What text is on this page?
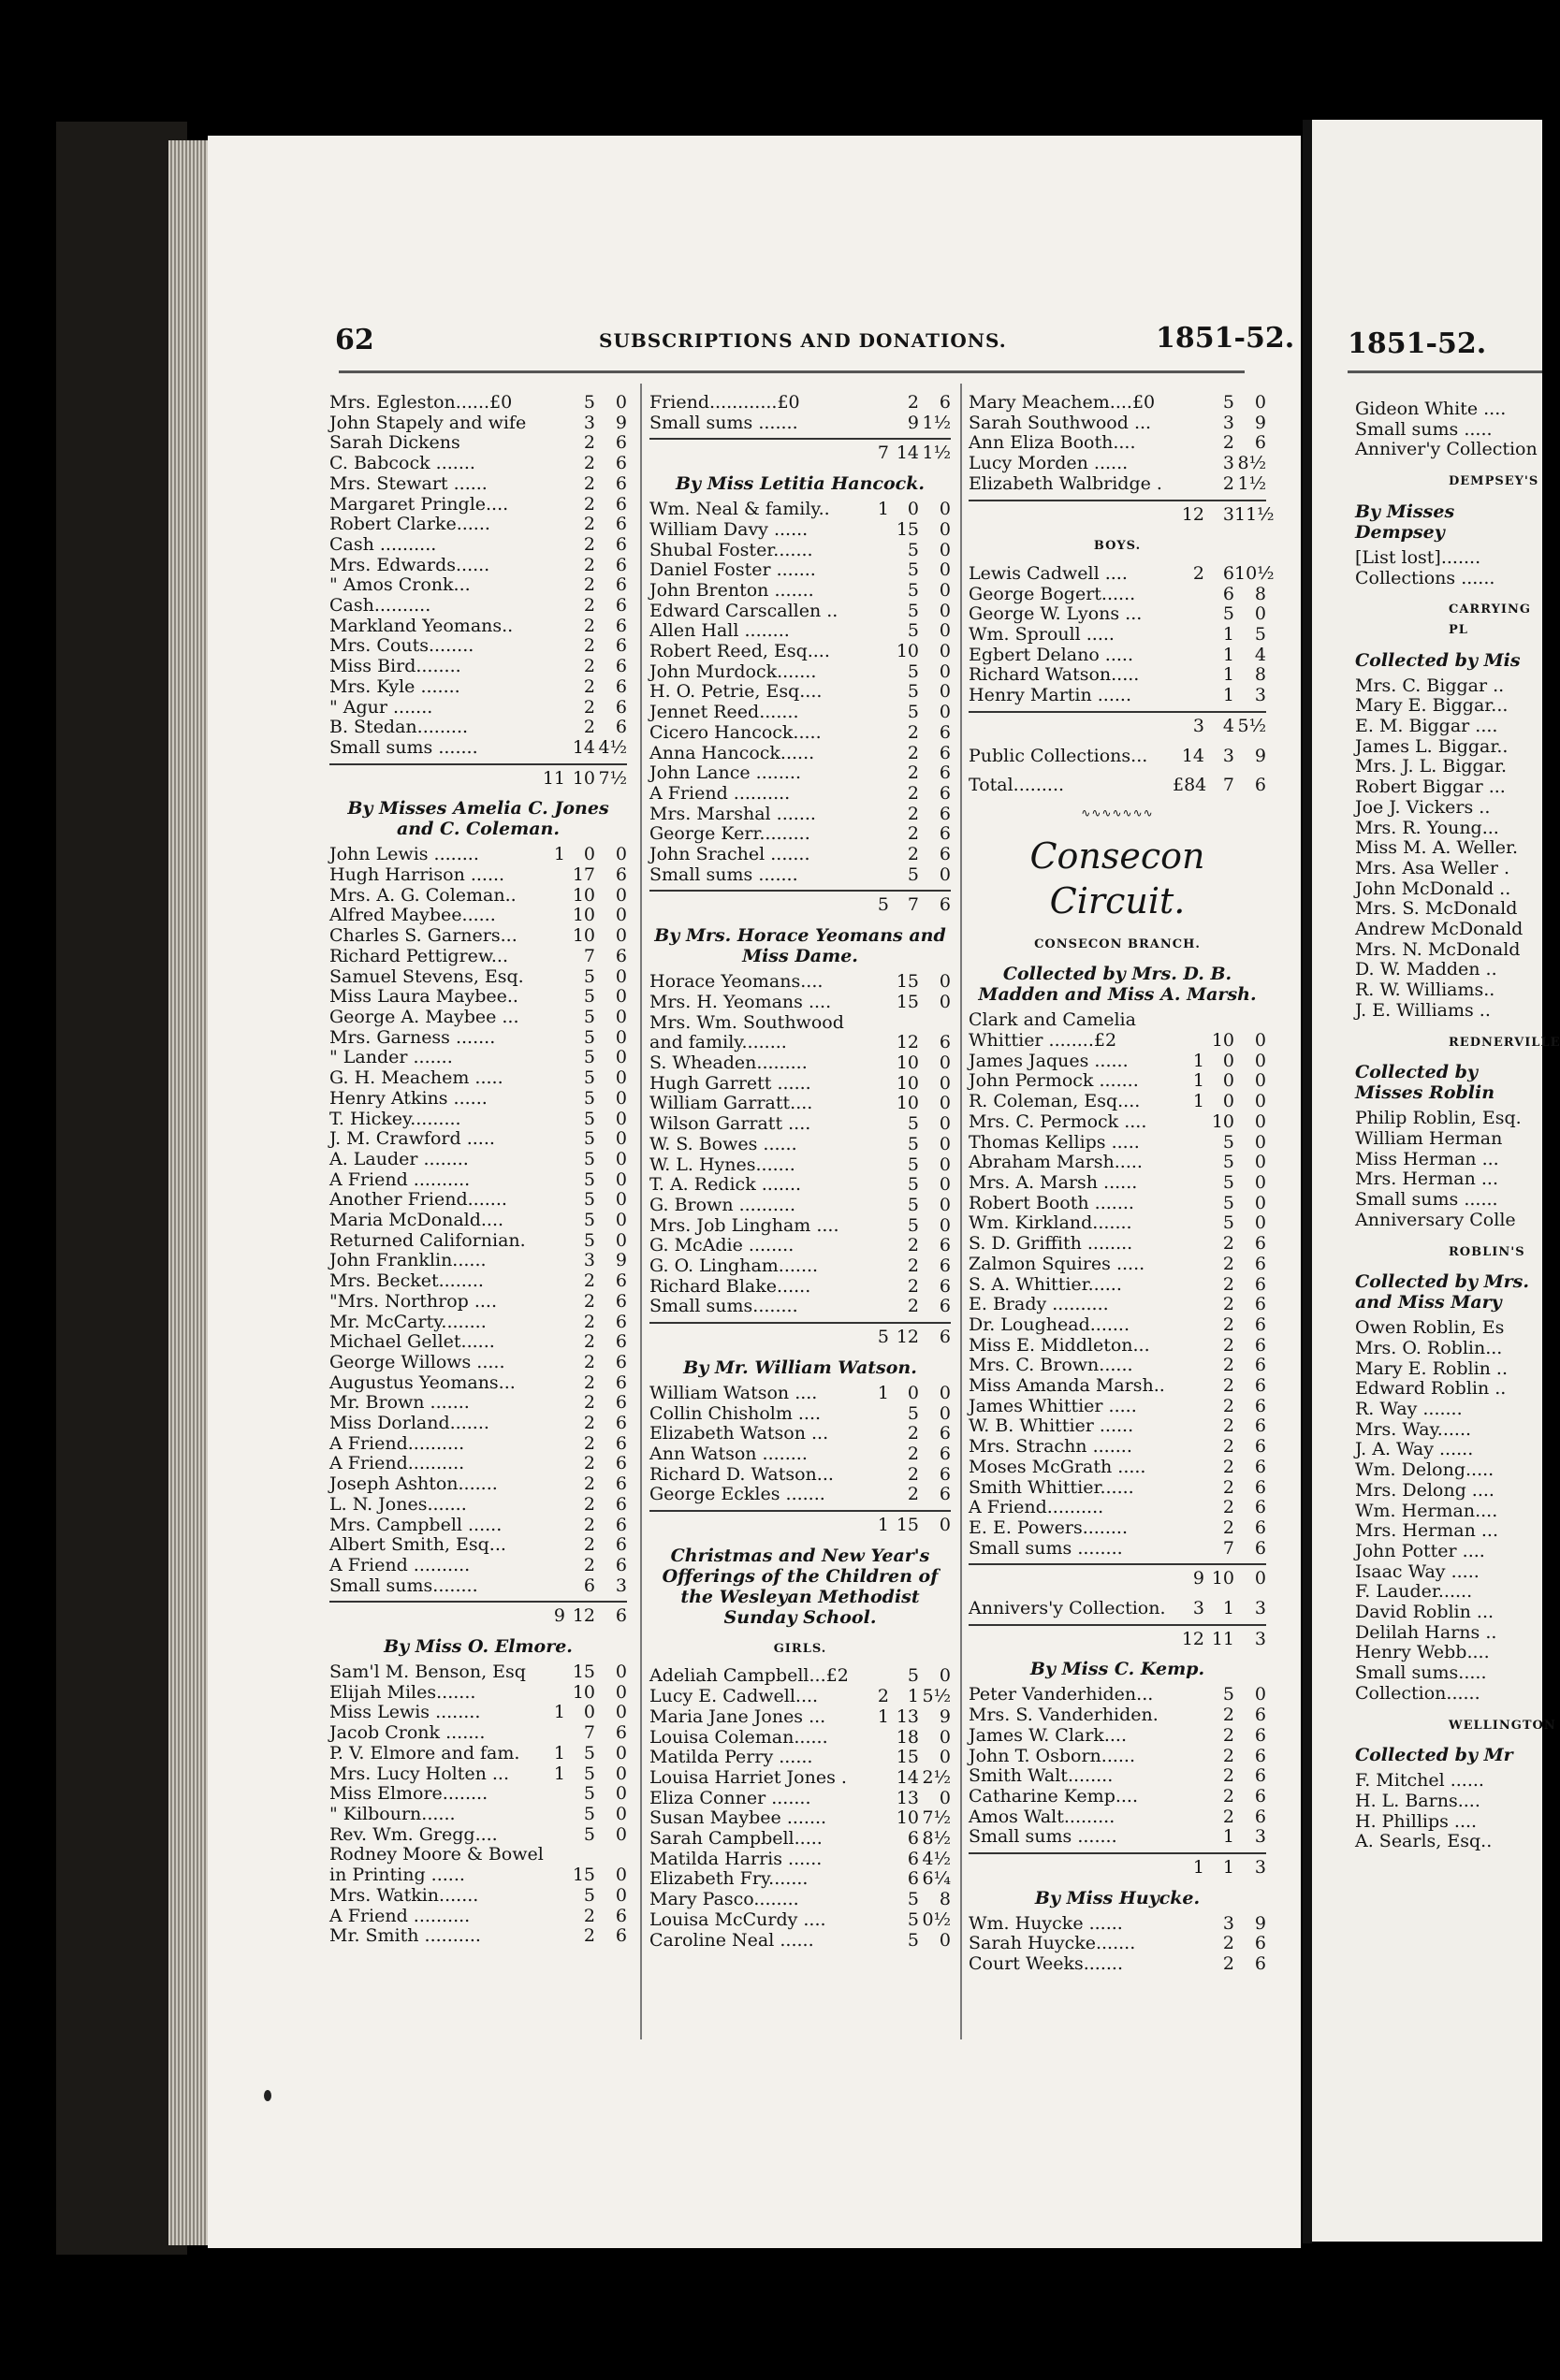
62	SUBSCRIPTIONS AND DONATIONS.	1851-52. 1851-52.
Mrs. Egleston......£0	5	0
John Stapely and wife	3	9
Sarah Dickens	2	6
C. Babcock .......	2	6
Mrs. Stewart ......	2	6
Margaret Pringle....	2	6
Robert Clarke......	2	6
Cash ..........	2	6
Mrs. Edwards......	2	6
" Amos Cronk...	2	6
Cash..........	2	6
Markland Yeomans..	2	6
Mrs. Couts........	2	6
Miss Bird........	2	6
Mrs. Kyle .......	2	6
" Agur .......	2	6
B. Stedan.........	2	6
Small sums .......	14 4½
11 10 7½
By Misses Amelia C. Jones and C. Coleman.
John Lewis ........	1	0	0
Hugh Harrison ......	17	6
Mrs. A. G. Coleman..	10	0
Alfred Maybee......	10	0
Charles S. Garners...	10	0
Richard Pettigrew...	7	6
Samuel Stevens, Esq.	5	0
Miss Laura Maybee..	5	0
George A. Maybee ...	5	0
Mrs. Garness .......	5	0
" Lander .......	5	0
G. H. Meachem .....	5	0
Henry Atkins ......	5	0
T. Hickey.........	5	0
J. M. Crawford .....	5	0
A. Lauder ........	5	0
A Friend ..........	5	0
Another Friend.......	5	0
Maria McDonald....	5	0
Returned Californian.	5	0
John Franklin......	3	9
Mrs. Becket........	2	6
"Mrs. Northrop ....	2	6
Mr. McCarty........	2	6
Michael Gellet......	2	6
George Willows .....	2	6
Augustus Yeomans...	2	6
Mr. Brown .......	2	6
Miss Dorland.......	2	6
A Friend..........	2	6
A Friend..........	2	6
Joseph Ashton.......	2	6
L. N. Jones.......	2	6
Mrs. Campbell ......	2	6
Albert Smith, Esq...	2	6
A Friend ..........	2	6
Small sums........	6	3
9 12	6
By Miss O. Elmore.
Sam'l M. Benson, Esq	15	0
Elijah Miles.......	10	0
Miss Lewis ........	1	0	0
Jacob Cronk .......	7	6
P. V. Elmore and fam.	1	5	0
Mrs. Lucy Holten ...	1	5	0
Miss Elmore........	5	0
" Kilbourn......	5	0
Rev. Wm. Gregg....	5	0
Rodney Moore & Bowel
in Printing ......	15	0
Mrs. Watkin.......	5	0
A Friend ..........	2	6
Mr. Smith ..........	2	6
Friend............£0	2	6
Small sums .......	9 1½
7 14 1½
By Miss Letitia Hancock.
Wm. Neal & family..	1	0	0
William Davy ......	15	0
Shubal Foster.......	5	0
Daniel Foster .......	5	0
John Brenton .......	5	0
Edward Carscallen ..	5	0
Allen Hall ........	5	0
Robert Reed, Esq....	10	0
John Murdock.......	5	0
H. O. Petrie, Esq....	5	0
Jennet Reed.......	5	0
Cicero Hancock.....	2	6
Anna Hancock......	2	6
John Lance ........	2	6
A Friend ..........	2	6
Mrs. Marshal .......	2	6
George Kerr.........	2	6
John Srachel .......	2	6
Small sums .......	5	0
5	7	6
By Mrs. Horace Yeomans and Miss Dame.
Horace Yeomans....	15	0
Mrs. H. Yeomans ....	15	0
Mrs. Wm. Southwood
and family........	12	6
S. Wheaden.........	10	0
Hugh Garrett ......	10	0
William Garratt....	10	0
Wilson Garratt ....	5	0
W. S. Bowes ......	5	0
W. L. Hynes.......	5	0
T. A. Redick .......	5	0
G. Brown ..........	5	0
Mrs. Job Lingham ....	5	0
G. McAdie ........	2	6
G. O. Lingham.......	2	6
Richard Blake......	2	6
Small sums........	2	6
5 12	6
By Mr. William Watson.
William Watson ....	1	0	0
Collin Chisholm ....	5	0
Elizabeth Watson ...	2	6
Ann Watson ........	2	6
Richard D. Watson...	2	6
George Eckles .......	2	6
1 15	0
Christmas and New Year's Offerings of the Children of the Wesleyan Methodist Sunday School.
GIRLS.
Adeliah Campbell...£2	5	0
Lucy E. Cadwell....	2	1 5½
Maria Jane Jones ...	1 13	9
Louisa Coleman......	18	0
Matilda Perry ......	15	0
Louisa Harriet Jones .	14 2½
Eliza Conner .......	13	0
Susan Maybee .......	10 7½
Sarah Campbell.....	6 8½
Matilda Harris ......	6 4½
Elizabeth Fry.......	6 6¼
Mary Pasco........	5	8
Louisa McCurdy ....	5 0½
Caroline Neal ......	5	0
Mary Meachem....£0	5	0
Sarah Southwood ...	3	9
Ann Eliza Booth....	2	6
Lucy Morden ......	3 8½
Elizabeth Walbridge .	2 1½
12	3 11½
BOYS.
Lewis Cadwell ....	2	6 10½
George Bogert......	6	8
George W. Lyons ...	5	0
Wm. Sproull .....	1	5
Egbert Delano .....	1	4
Richard Watson.....	1	8
Henry Martin ......	1	3
3	4 5½
Public Collections...	14	3	9
Total.........	£84 7	6
∿∿∿∿∿∿∿
Consecon Circuit.
CONSECON BRANCH.
Collected by Mrs. D. B. Madden and Miss A. Marsh.
Clark and Camelia
Whittier ........£2	10	0
James Jaques ......	1	0	0
John Permock .......	1	0	0
R. Coleman, Esq....	1	0	0
Mrs. C. Permock ....	10	0
Thomas Kellips .....	5	0
Abraham Marsh.....	5	0
Mrs. A. Marsh ......	5	0
Robert Booth .......	5	0
Wm. Kirkland.......	5	0
S. D. Griffith ........	2	6
Zalmon Squires .....	2	6
S. A. Whittier......	2	6
E. Brady ..........	2	6
Dr. Loughead.......	2	6
Miss E. Middleton...	2	6
Mrs. C. Brown......	2	6
Miss Amanda Marsh..	2	6
James Whittier .....	2	6
W. B. Whittier ......	2	6
Mrs. Strachn .......	2	6
Moses McGrath .....	2	6
Smith Whittier......	2	6
A Friend..........	2	6
E. E. Powers........	2	6
Small sums ........	7	6
9 10	0
Annivers'y Collection.	3	1	3
12 11	3
By Miss C. Kemp.
Peter Vanderhiden...	5	0
Mrs. S. Vanderhiden.	2	6
James W. Clark....	2	6
John T. Osborn......	2	6
Smith Walt........	2	6
Catharine Kemp....	2	6
Amos Walt.........	2	6
Small sums .......	1	3
1	1	3
By Miss Huycke.
Wm. Huycke ......	3	9
Sarah Huycke.......	2	6
Court Weeks.......	2	6
Gideon White ....
Small sums .....
Anniver'y Collection
DEMPSEY'S
By Misses Dempsey
[List lost].......
Collections ......
CARRYING PL
Collected by Mis
Mrs. C. Biggar ..
Mary E. Biggar...
E. M. Biggar ....
James L. Biggar..
Mrs. J. L. Biggar.
Robert Biggar ...
Joe J. Vickers ..
Mrs. R. Young...
Miss M. A. Weller.
Mrs. Asa Weller .
John McDonald ..
Mrs. S. McDonald
Andrew McDonald
Mrs. N. McDonald
D. W. Madden ..
R. W. Williams..
J. E. Williams ..
REDNERVILLE
Collected by Misses Roblin
Philip Roblin, Esq.
William Herman
Miss Herman ...
Mrs. Herman ...
Small sums ......
Anniversary Colle
ROBLIN'S
Collected by Mrs. and Miss Mary
Owen Roblin, Es
Mrs. O. Roblin...
Mary E. Roblin ..
Edward Roblin ..
R. Way .......
Mrs. Way......
J. A. Way ......
Wm. Delong.....
Mrs. Delong ....
Wm. Herman....
Mrs. Herman ...
John Potter ....
Isaac Way .....
F. Lauder......
David Roblin ...
Delilah Harns ..
Henry Webb....
Small sums.....
Collection......
WELLINGTON
Collected by Mr
F. Mitchel ......
H. L. Barns....
H. Phillips ....
A. Searls, Esq..
